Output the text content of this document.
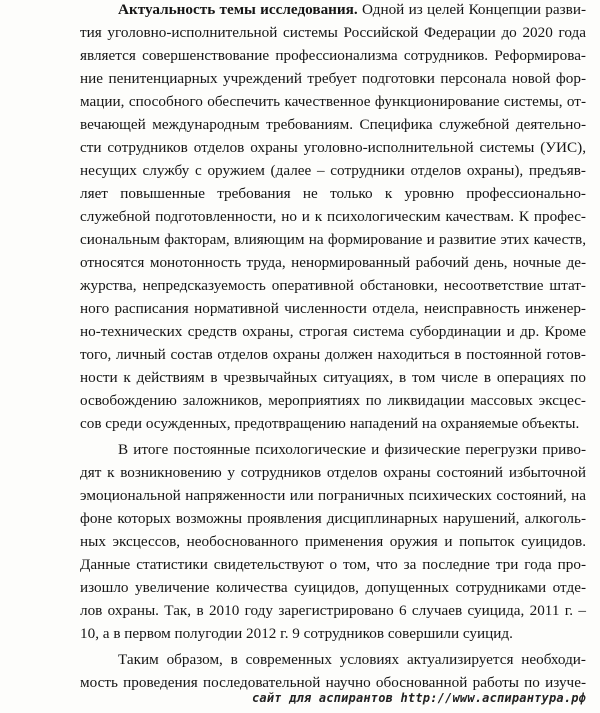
Актуальность темы исследования. Одной из целей Концепции разви-
тия уголовно-исполнительной системы Российской Федерации до 2020 года
является совершенствование профессионализма сотрудников. Реформирова-
ние пенитенциарных учреждений требует подготовки персонала новой фор-
мации, способного обеспечить качественное функционирование системы, от-
вечающей международным требованиям. Специфика служебной деятельно-
сти сотрудников отделов охраны уголовно-исполнительной системы (УИС),
несущих службу с оружием (далее – сотрудники отделов охраны), предъяв-
ляет повышенные требования не только к уровню профессионально-
служебной подготовленности, но и к психологическим качествам. К профес-
сиональным факторам, влияющим на формирование и развитие этих качеств,
относятся монотонность труда, ненормированный рабочий день, ночные де-
журства, непредсказуемость оперативной обстановки, несоответствие штат-
ного расписания нормативной численности отдела, неисправность инженер-
но-технических средств охраны, строгая система субординации и др. Кроме
того, личный состав отделов охраны должен находиться в постоянной готов-
ности к действиям в чрезвычайных ситуациях, в том числе в операциях по
освобождению заложников, мероприятиях по ликвидации массовых эксцес-
сов среди осужденных, предотвращению нападений на охраняемые объекты.
В итоге постоянные психологические и физические перегрузки приво-
дят к возникновению у сотрудников отделов охраны состояний избыточной
эмоциональной напряженности или пограничных психических состояний, на
фоне которых возможны проявления дисциплинарных нарушений, алкоголь-
ных эксцессов, необоснованного применения оружия и попыток суицидов.
Данные статистики свидетельствуют о том, что за последние три года про-
изошло увеличение количества суицидов, допущенных сотрудниками отде-
лов охраны. Так, в 2010 году зарегистрировано 6 случаев суицида, 2011 г. –
10, а в первом полугодии 2012 г. 9 сотрудников совершили суицид.
Таким образом, в современных условиях актуализируется необходи-
мость проведения последовательной научно обоснованной работы по изуче-
сайт для аспирантов http://www.аспирантура.рф
